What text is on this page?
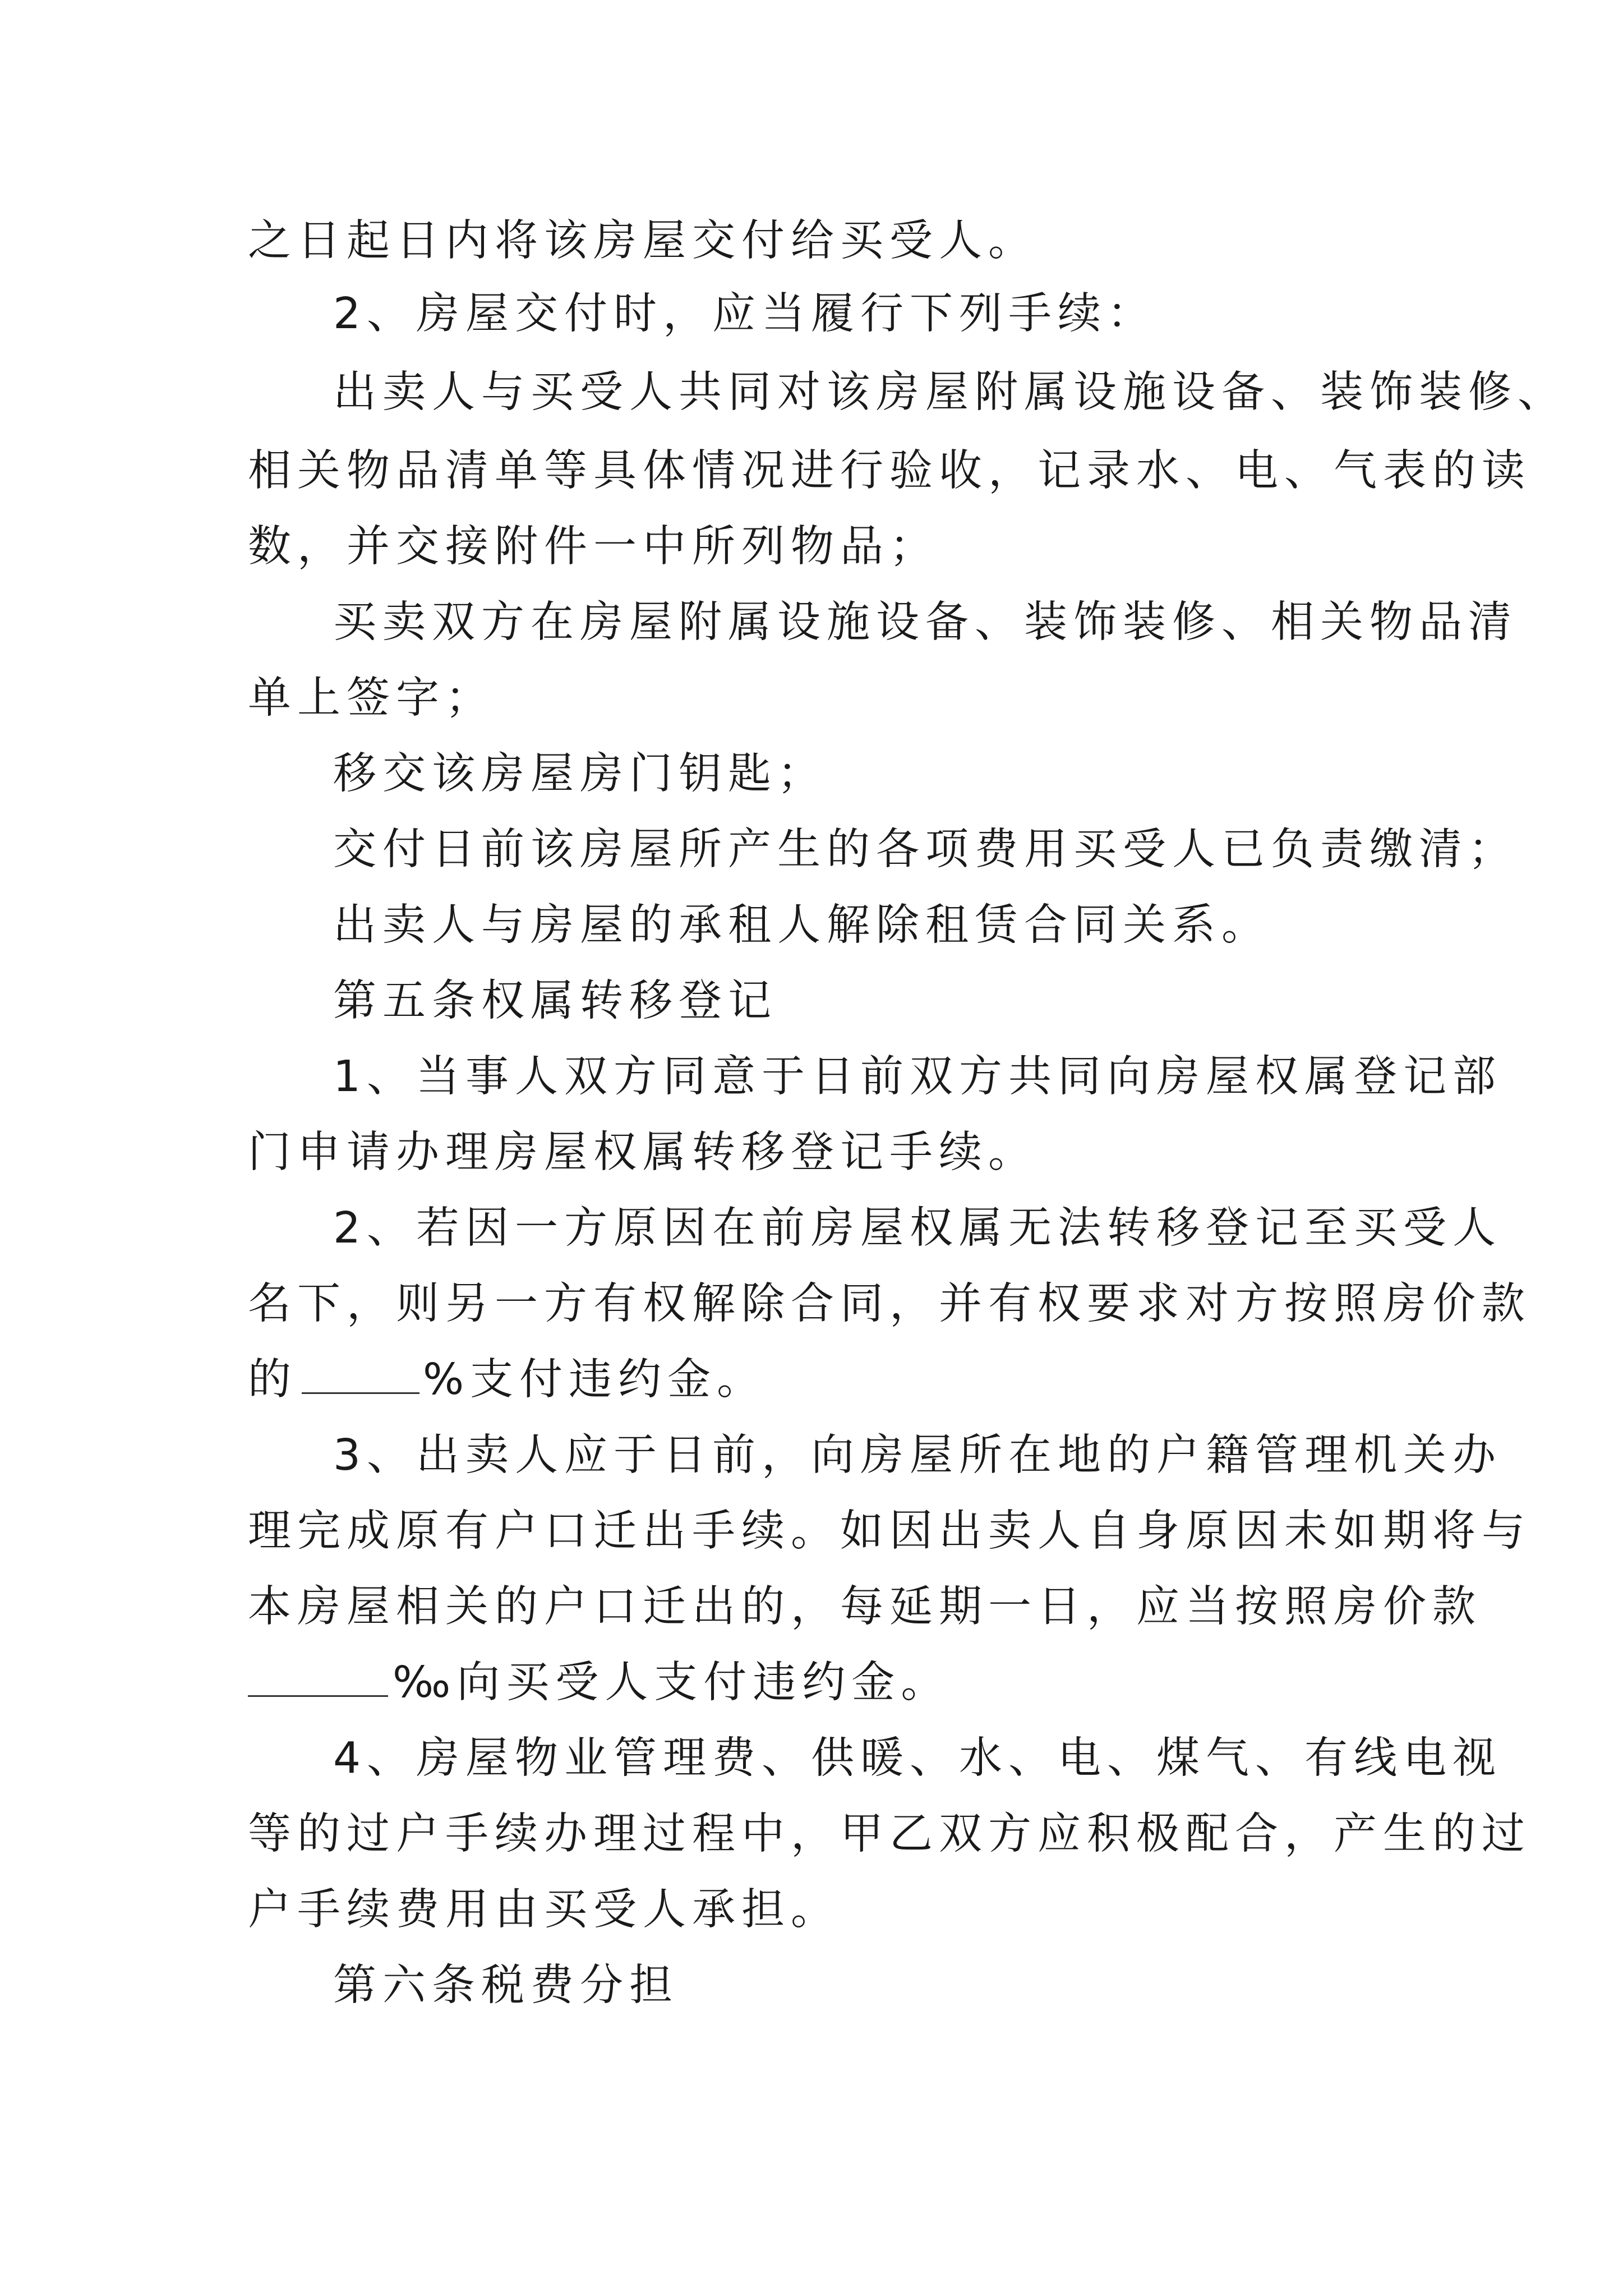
之日起日内将该房屋交付给买受人。
2、房屋交付时，应当履行下列手续：
出卖人与买受人共同对该房屋附属设施设备、装饰装修、
相关物品清单等具体情况进行验收，记录水、电、气表的读
数，并交接附件一中所列物品；
买卖双方在房屋附属设施设备、装饰装修、相关物品清
单上签字；
移交该房屋房门钥匙；
交付日前该房屋所产生的各项费用买受人已负责缴清；
出卖人与房屋的承租人解除租赁合同关系。
第五条权属转移登记
1、当事人双方同意于日前双方共同向房屋权属登记部
门申请办理房屋权属转移登记手续。
2、若因一方原因在前房屋权属无法转移登记至买受人
名下，则另一方有权解除合同，并有权要求对方按照房价款
的	%支付违约金。
3、出卖人应于日前，向房屋所在地的户籍管理机关办
理完成原有户口迁出手续。如因出卖人自身原因未如期将与
本房屋相关的户口迁出的，每延期一日，应当按照房价款
‰向买受人支付违约金。
4、房屋物业管理费、供暖、水、电、煤气、有线电视
等的过户手续办理过程中，甲乙双方应积极配合，产生的过
户手续费用由买受人承担。
第六条税费分担
